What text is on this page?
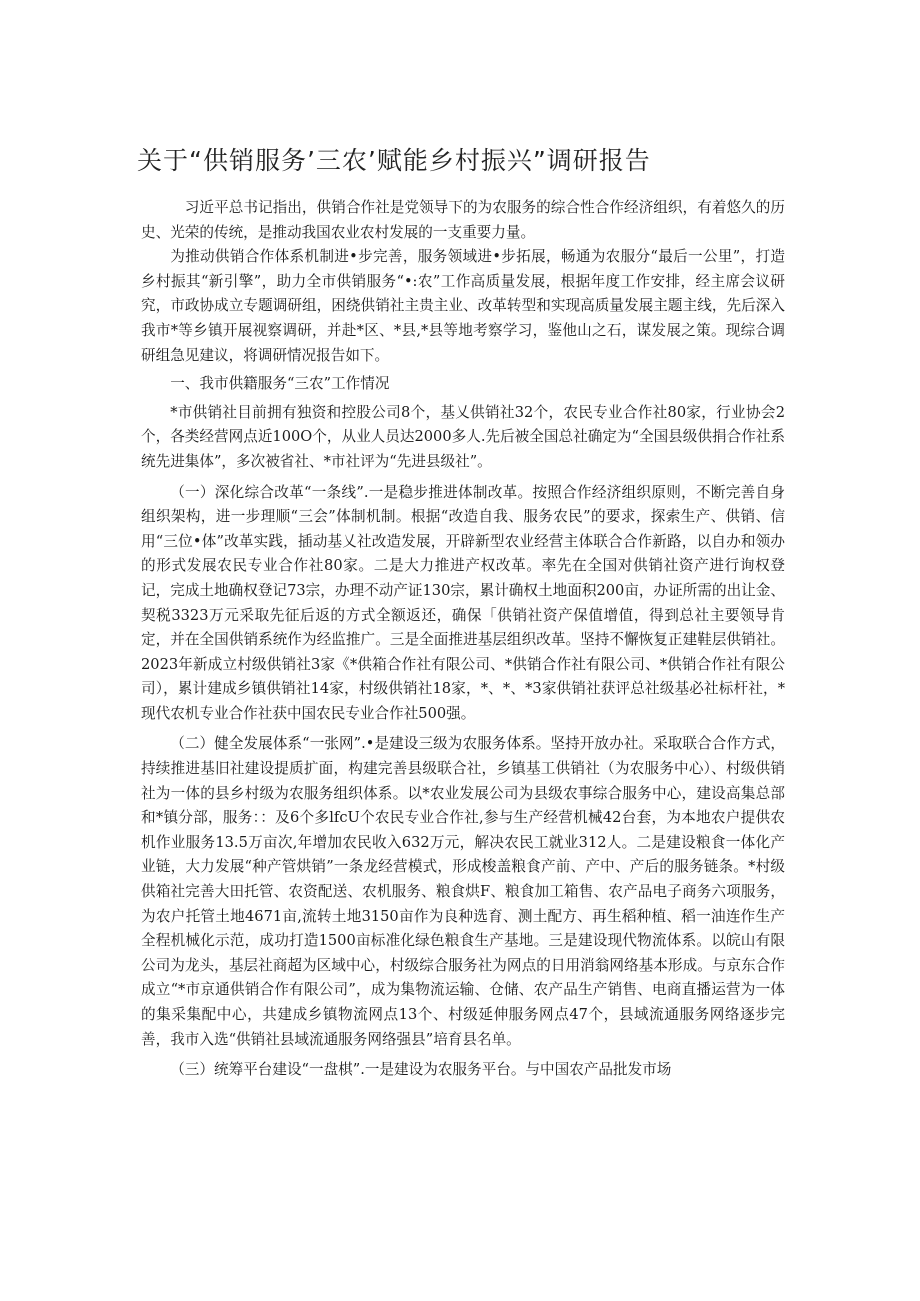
关于“供销服务’三农’赋能乡村振兴”调研报告

习近平总书记指出，供销合作社是党领导下的为农服务的综合性合作经济组织，有着悠久的历史、光荣的传统，是推动我国农业农村发展的一支重要力量。

为推动供销合作体系机制进•步完善，服务领域进•步拓展，畅通为农服分“最后一公里”，打造乡村振其“新引擎”，助力全市供销服务“•:农”工作高质量发展，根据年度工作安排，经主席会议研究，市政协成立专题调研组，困绕供销社主贵主业、改革转型和实现高质量发展主题主线，先后深入我市*等乡镇开展视察调研，并赴*区、*县,*县等地考察学习，鉴他山之石，谋发展之策。现综合调研组急见建议，将调研情况报告如下。

一、我市供籍服务“三农”工作情况

*市供销社目前拥有独资和控股公司8个，基乂供销社32个，农民专业合作社80家，行业协会2个，各类经营网点近100O个，从业人员达2000多人.先后被全国总社确定为“全国县级供捐合作社系统先进集体”，多次被省社、*市社评为“先进县级社”。

（一）深化综合改革“一条线”.一是稳步推进体制改革。按照合作经济组织原则，不断完善自身组织架构，进一步理顺“三会”体制机制。根据“改造自我、服务农民”的要求，探索生产、供销、信用“三位•体”改革实践，插动基乂社改造发展，开辟新型农业经营主体联合合作新路，以自办和领办的形式发展农民专业合作社80家。二是大力推进产权改革。率先在全国对供销社资产进行询权登记，完成土地确权登记73宗，办理不动产证130宗，累计确权土地面积200亩，办证所需的出让金、契税3323万元采取先征后返的方式全额返还，确保「供销社资产保值增值，得到总社主要领导肯定，并在全国供销系统作为经监推广。三是全面推进基层组织改革。坚持不懈恢复正建鞋层供销社。2023年新成立村级供销社3家《*供箱合作社有限公司、*供销合作社有限公司、*供销合作社有限公司），累计建成乡镇供销社14家，村级供销社18家，*、*、*3家供销社获评总社级基必社标杆社，*现代农机专业合作社获中国农民专业合作社500强。

（二）健全发展体系“一张网”.•是建设三级为农服务体系。坚持开放办社。采取联合合作方式，持续推进基旧社建设提质扩面，构建完善县级联合社，乡镇基工供销社（为农服务中心）、村级供销社为一体的县乡村级为农服务组织体系。以*农业发展公司为县级农事综合服务中心，建设高集总部和*镇分部，服务：：及6个多lfcU个农民专业合作社,参与生产经营机械42台套，为本地农户提供农机作业服务13.5万亩次,年增加农民收入632万元，解决农民工就业312人。二是建设粮食一体化产业链，大力发展“种产管烘销”一条龙经营模式，形成梭盖粮食产前、产中、产后的服务链条。*村级供箱社完善大田托管、农资配送、农机服务、粮食烘F、粮食加工箱售、农产品电子商务六项服务，为农户托管土地4671亩,流转土地3150亩作为良种选育、测土配方、再生稻种植、稻一油连作生产全程机械化示范，成功打造1500亩标准化绿色粮食生产基地。三是建设现代物流体系。以皖山有限公司为龙头，基层社商超为区域中心，村级综合服务社为网点的日用消翁网络基本形成。与京东合作成立“*市京通供销合作有限公司”，成为集物流运输、仓储、农产品生产销售、电商直播运营为一体的集采集配中心，共建成乡镇物流网点13个、村级延伸服务网点47个，县域流通服务网络逐步完善，我市入选“供销社县域流通服务网络强县”培育县名单。

（三）统筹平台建设“一盘棋”.一是建设为农服务平台。与中国农产品批发市场
